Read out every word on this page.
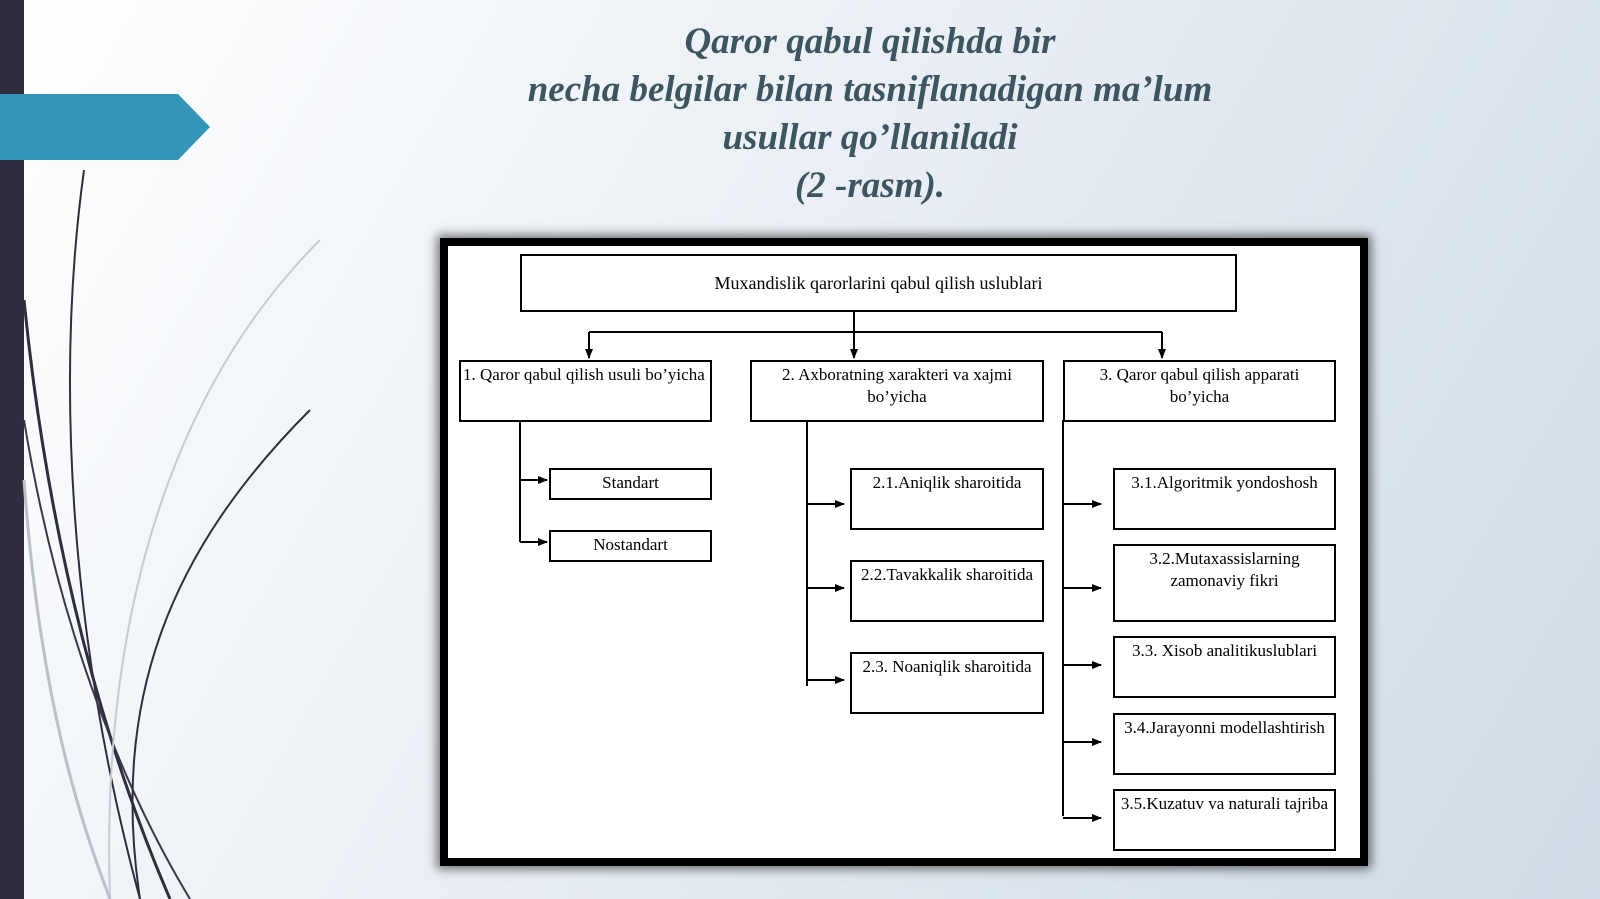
Qaror qabul qilishda bir
necha belgilar bilan tasniflanadigan ma’lum
usullar qo’llaniladi
(2 -rasm).
Muxandislik qarorlarini qabul qilish uslublari
1. Qaror qabul qilish usuli bo’yicha	2. Axboratning xarakteri va xajmi bo’yicha
3. Qaror qabul qilish apparati bo’yicha
Standart
Nostandart
2.1.Aniqlik sharoitida
2.2.Tavakkalik sharoitida
2.3. Noaniqlik sharoitida
3.1.Algoritmik yondoshosh
3.2.Mutaxassislarning zamonaviy fikri
3.3. Xisob analitikuslublari
3.4.Jarayonni modellashtirish
3.5.Kuzatuv va naturali tajriba
